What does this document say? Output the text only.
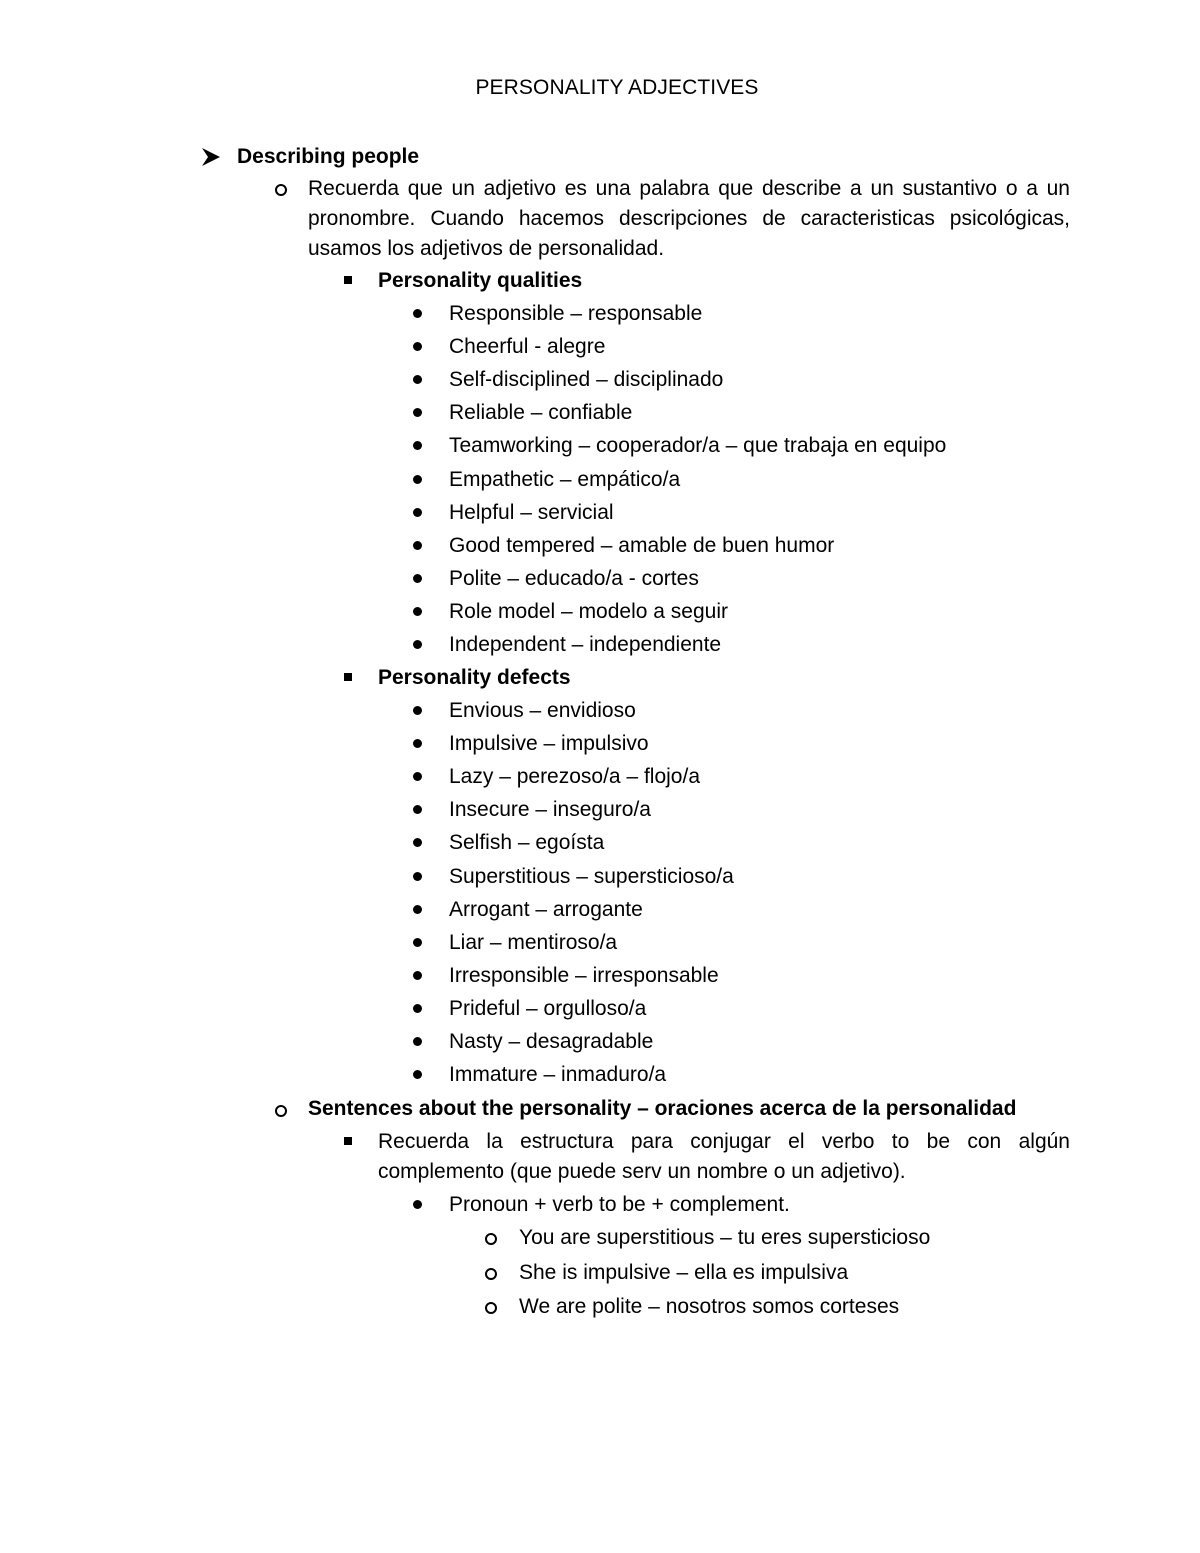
PERSONALITY ADJECTIVES
Describing people
Recuerda que un adjetivo es una palabra que describe a un sustantivo o a un pronombre. Cuando hacemos descripciones de caracteristicas psicológicas, usamos los adjetivos de personalidad.
Personality qualities
Responsible – responsable
Cheerful - alegre
Self-disciplined – disciplinado
Reliable – confiable
Teamworking – cooperador/a – que trabaja en equipo
Empathetic – empático/a
Helpful – servicial
Good tempered – amable de buen humor
Polite – educado/a - cortes
Role model – modelo a seguir
Independent – independiente
Personality defects
Envious – envidioso
Impulsive – impulsivo
Lazy – perezoso/a – flojo/a
Insecure – inseguro/a
Selfish – egoísta
Superstitious – supersticioso/a
Arrogant – arrogante
Liar – mentiroso/a
Irresponsible – irresponsable
Prideful – orgulloso/a
Nasty – desagradable
Immature – inmaduro/a
Sentences about the personality – oraciones acerca de la personalidad
Recuerda la estructura para conjugar el verbo to be con algún complemento (que puede serv un nombre o un adjetivo).
Pronoun + verb to be + complement.
You are superstitious – tu eres supersticioso
She is impulsive – ella es impulsiva
We are polite – nosotros somos corteses
